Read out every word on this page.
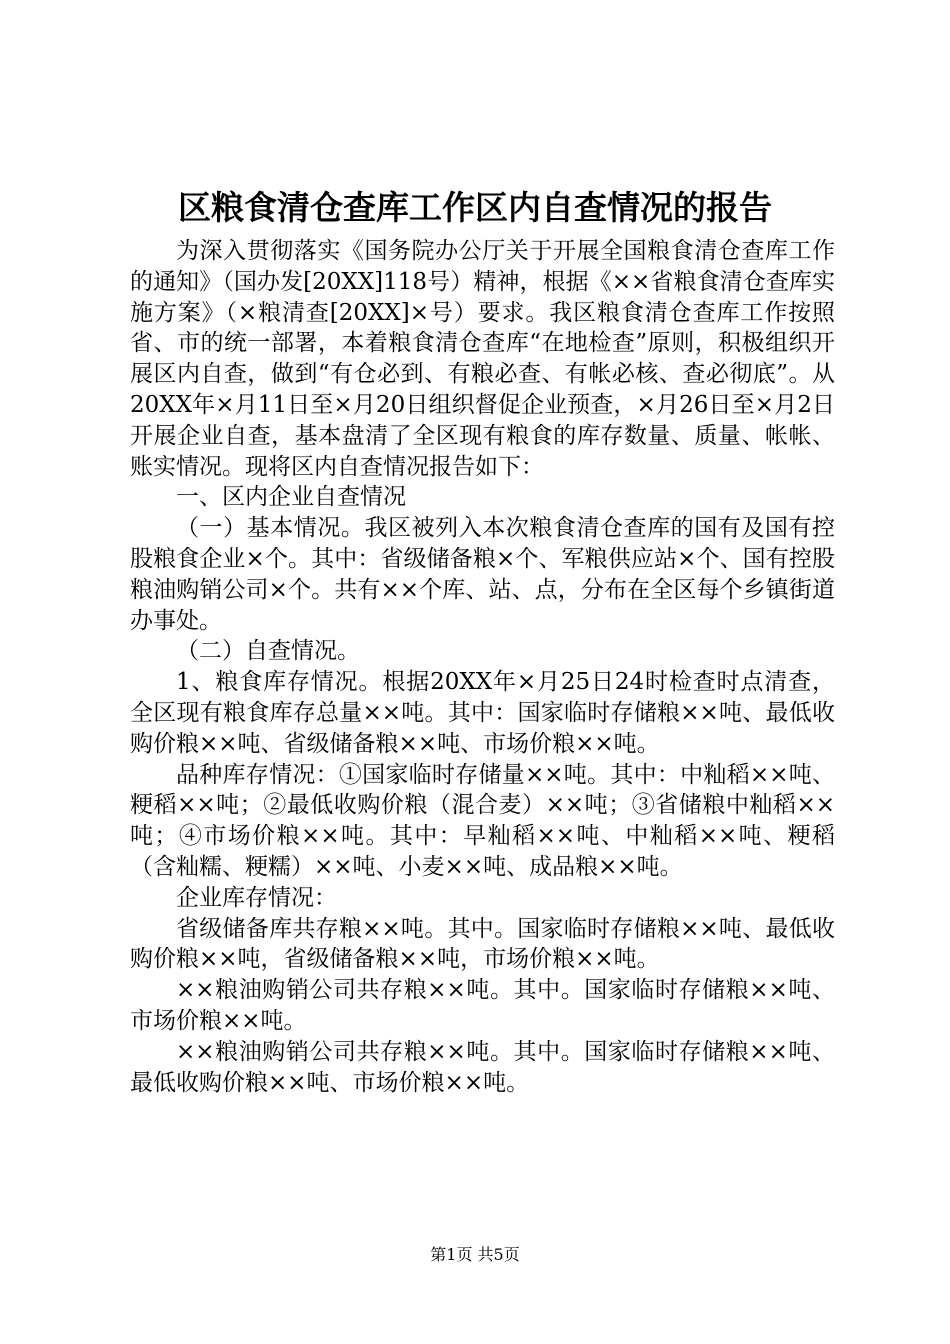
区粮食清仓查库工作区内自查情况的报告

为深入贯彻落实《国务院办公厅关于开展全国粮食清仓查库工作的通知》（国办发[20XX]118号）精神，根据《××省粮食清仓查库实施方案》（×粮清查[20XX]×号）要求。我区粮食清仓查库工作按照省、市的统一部署，本着粮食清仓查库“在地检查”原则，积极组织开展区内自查，做到“有仓必到、有粮必查、有帐必核、查必彻底”。从20XX年×月11日至×月20日组织督促企业预查，×月26日至×月2日开展企业自查，基本盘清了全区现有粮食的库存数量、质量、帐帐、账实情况。现将区内自查情况报告如下：

一、区内企业自查情况

（一）基本情况。我区被列入本次粮食清仓查库的国有及国有控股粮食企业×个。其中：省级储备粮×个、军粮供应站×个、国有控股粮油购销公司×个。共有××个库、站、点，分布在全区每个乡镇街道办事处。

（二）自查情况。

1、粮食库存情况。根据20XX年×月25日24时检查时点清查，全区现有粮食库存总量××吨。其中：国家临时存储粮××吨、最低收购价粮××吨、省级储备粮××吨、市场价粮××吨。

品种库存情况：①国家临时存储量××吨。其中：中籼稻××吨、粳稻××吨；②最低收购价粮（混合麦）××吨；③省储粮中籼稻××吨；④市场价粮××吨。其中：早籼稻××吨、中籼稻××吨、粳稻（含籼糯、粳糯）××吨、小麦××吨、成品粮××吨。

企业库存情况：

省级储备库共存粮××吨。其中。国家临时存储粮××吨、最低收购价粮××吨，省级储备粮××吨，市场价粮××吨。

××粮油购销公司共存粮××吨。其中。国家临时存储粮××吨、市场价粮××吨。

××粮油购销公司共存粮××吨。其中。国家临时存储粮××吨、最低收购价粮××吨、市场价粮××吨。

第1页 共5页
